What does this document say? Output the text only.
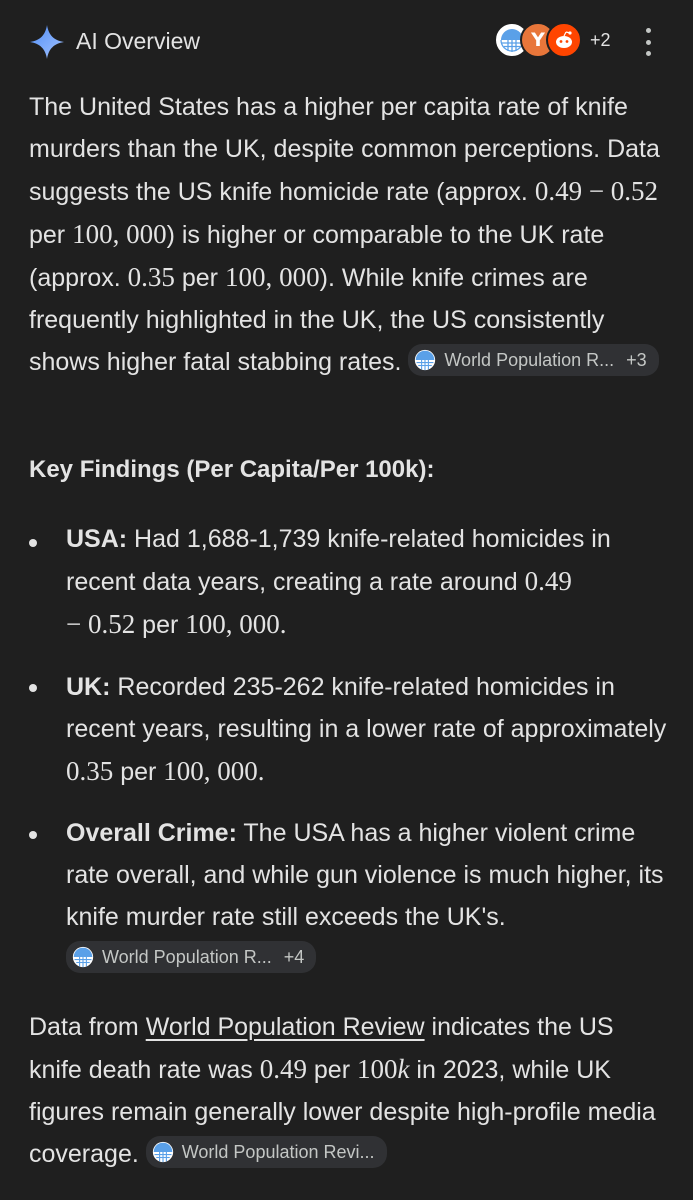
AI Overview	Y	+2
The United States has a higher per capita rate of knife murders than the UK, despite common perceptions. Data suggests the US knife homicide rate (approx. 0.49 − 0.52 per 100, 000) is higher or comparable to the UK rate (approx. 0.35 per 100, 000). While knife crimes are frequently highlighted in the UK, the US consistently shows higher fatal stabbing rates. World Population R... +3
Key Findings (Per Capita/Per 100k):
USA: Had 1,688-1,739 knife-related homicides in recent data years, creating a rate around 0.49
− 0.52 per 100, 000.
UK: Recorded 235-262 knife-related homicides in recent years, resulting in a lower rate of approximately 0.35 per 100, 000.
Overall Crime: The USA has a higher violent crime rate overall, and while gun violence is much higher, its knife murder rate still exceeds the UK's.
World Population R... +4
Data from World Population Review indicates the US knife death rate was 0.49 per 100k in 2023, while UK figures remain generally lower despite high-profile media coverage. World Population Revi...
